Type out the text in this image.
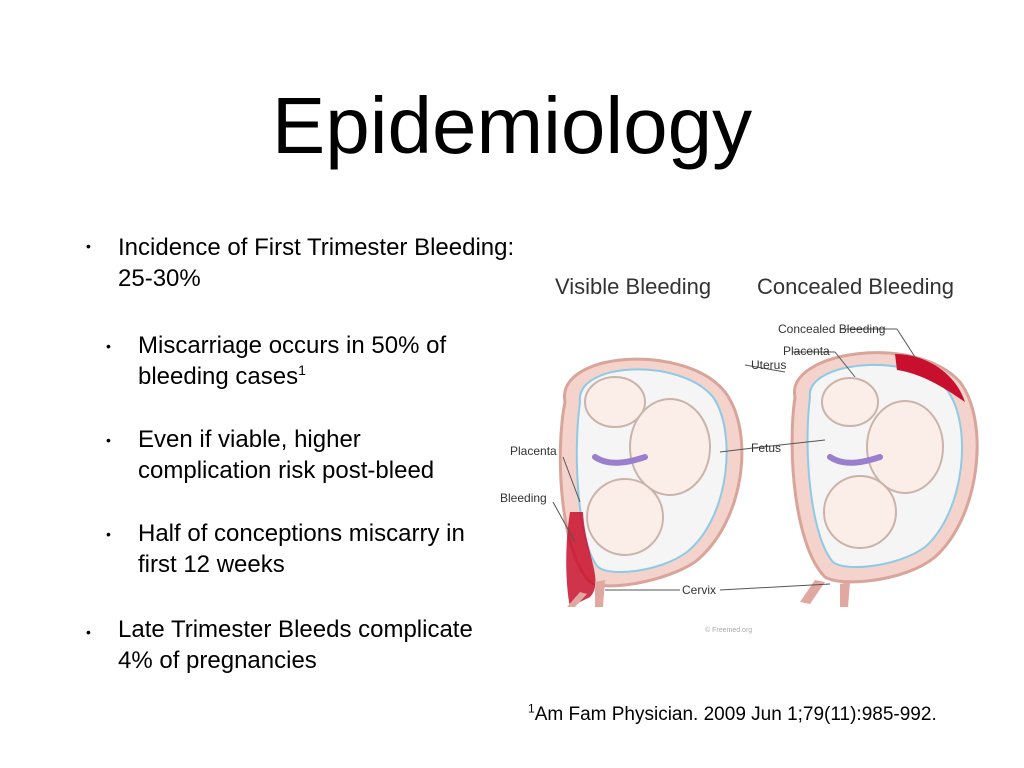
Epidemiology
• Incidence of First Trimester Bleeding: 25-30%
• Miscarriage occurs in 50% of bleeding cases$^1$
• Even if viable, higher complication risk post-bleed
• Half of conceptions miscarry in first 12 weeks
• Late Trimester Bleeds complicate 4% of pregnancies
$^1$Am Fam Physician. 2009 Jun 1;79(11):985-992.
Visible Bleeding Concealed Bleeding
Concealed Bleeding
Placenta
Uterus
Fetus
Placenta
Bleeding
Cervix
© Freemed.org
